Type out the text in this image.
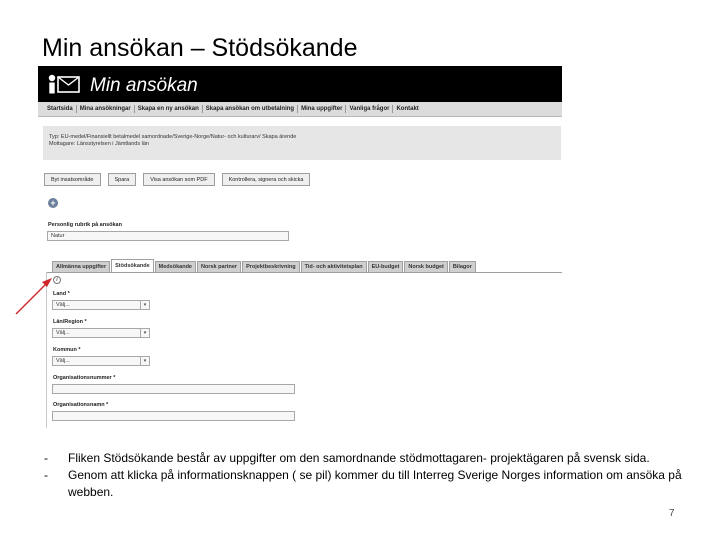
Min ansökan – Stödsökande
Min ansökan
Startsida	Mina ansökningar	Skapa en ny ansökan	Skapa ansökan om utbetalning	Mina uppgifter	Vanliga frågor	Kontakt
Typ: EU-medel/Finansiellt betalmedel samordnade/Sverige-Norge/Natur- och kulturarv/ Skapa ärende
Mottagare: Länsstyrelsen i Jämtlands län
Byt insatsområde	Spara	Visa ansökan som PDF	Kontrollera, signera och skicka
+
Personlig rubrik på ansökan
Natur
Allmänna uppgifter	Stödsökande	Medsökande	Norsk partner	Projektbeskrivning	Tid- och aktivitetsplan	EU-budget	Norsk budget	Bilagor
i
Land *
Välj...	▾
Län/Region *
Välj...	▾
Kommun *
Välj...	▾
Organisationsnummer *
Organisationsnamn *
-	Fliken Stödsökande består av uppgifter om den samordnande stödmottagaren- projektägaren på svensk sida.
-	Genom att klicka på informationsknappen ( se pil) kommer du till Interreg Sverige Norges information om ansöka på webben.
7
